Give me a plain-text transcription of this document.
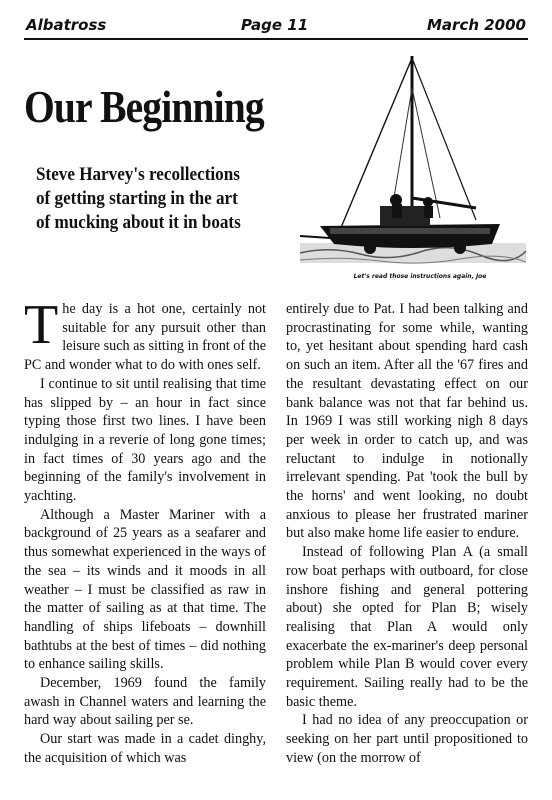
Albatross	Page 11	March 2000
Our Beginning
Steve Harvey's recollections of getting starting in the art of mucking about it in boats
Let's read those instructions again, Joe

The day is a hot one, certainly not suitable for any pursuit other than leisure such as sitting in front of the PC and wonder what to do with ones self.

I continue to sit until realising that time has slipped by – an hour in fact since typing those first two lines. I have been indulging in a reverie of long gone times; in fact times of 30 years ago and the beginning of the family's involvement in yachting.

Although a Master Mariner with a background of 25 years as a seafarer and thus somewhat experienced in the ways of the sea – its winds and it moods in all weather – I must be classified as raw in the matter of sailing as at that time. The handling of ships lifeboats – downhill bathtubs at the best of times – did nothing to enhance sailing skills.

December, 1969 found the family awash in Channel waters and learning the hard way about sailing per se.

Our start was made in a cadet dinghy, the acquisition of which was

entirely due to Pat. I had been talking and procrastinating for some while, wanting to, yet hesitant about spending hard cash on such an item. After all the '67 fires and the resultant devastating effect on our bank balance was not that far behind us. In 1969 I was still working nigh 8 days per week in order to catch up, and was reluctant to indulge in notionally irrelevant spending. Pat 'took the bull by the horns' and went looking, no doubt anxious to please her frustrated mariner but also make home life easier to endure.

Instead of following Plan A (a small row boat perhaps with outboard, for close inshore fishing and general pottering about) she opted for Plan B; wisely realising that Plan A would only exacerbate the ex-mariner's deep personal problem while Plan B would cover every requirement. Sailing really had to be the basic theme.

I had no idea of any preoccupation or seeking on her part until propositioned to view (on the morrow of
